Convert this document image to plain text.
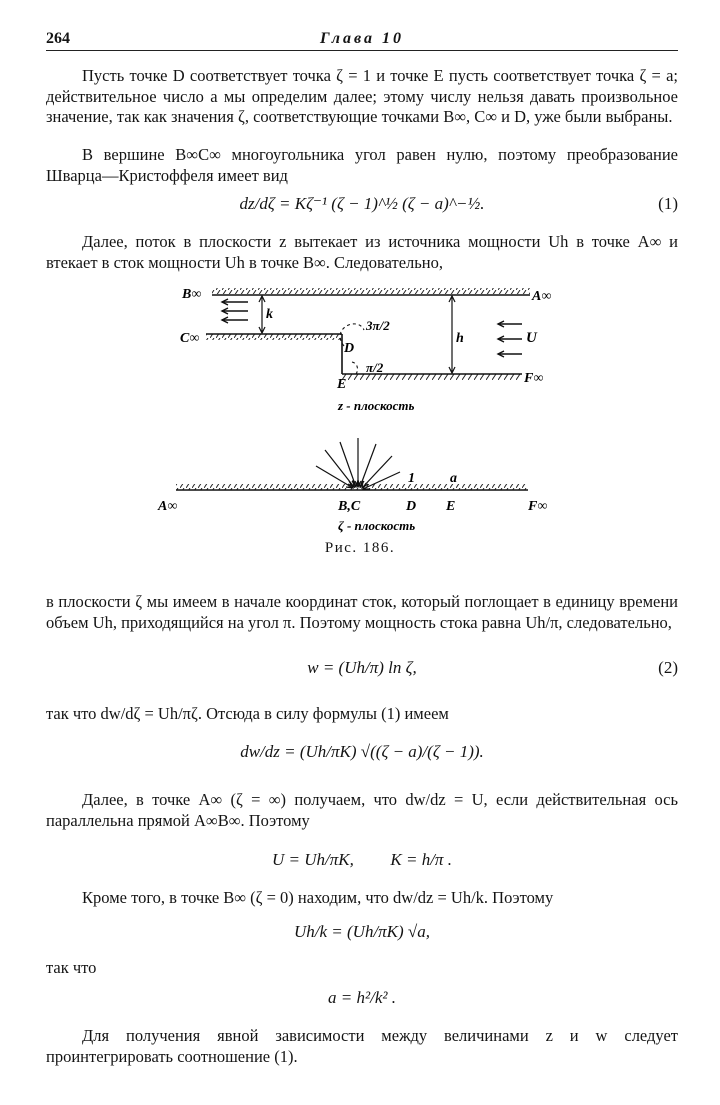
264	Глава 10

Пусть точке D соответствует точка ζ = 1 и точке E пусть соответствует точка ζ = a; действительное число a мы определим далее; этому числу нельзя давать произвольное значение, так как значения ζ, соответствующие точками B∞, C∞ и D, уже были выбраны.

В вершине B∞C∞ многоугольника угол равен нулю, поэтому преобразование Шварца—Кристоффеля имеет вид

dz/dζ = Kζ⁻¹ (ζ − 1)^½ (ζ − a)^−½.	(1)

Далее, поток в плоскости z вытекает из источника мощности Uh в точке A∞ и втекает в сток мощности Uh в точке B∞. Следовательно,

B∞	A∞
C∞
F∞
k
h	U
3π/2
π/2
D
E
z - плоскость
A∞	F∞
B,C	D E
1	a
ζ - плоскость
Рис. 186.

в плоскости ζ мы имеем в начале координат сток, который поглощает в единицу времени объем Uh, приходящийся на угол π. Поэтому мощность стока равна Uh/π, следовательно,

w = (Uh/π) ln ζ,	(2)

так что dw/dζ = Uh/πζ. Отсюда в силу формулы (1) имеем

dw/dz = (Uh/πK) √((ζ − a)/(ζ − 1)).

Далее, в точке A∞ (ζ = ∞) получаем, что dw/dz = U, если действительная ось параллельна прямой A∞B∞. Поэтому

U = Uh/πK, K = h/π .

Кроме того, в точке B∞ (ζ = 0) находим, что dw/dz = Uh/k. Поэтому

Uh/k = (Uh/πK) √a,

так что

a = h²/k² .

Для получения явной зависимости между величинами z и w следует проинтегрировать соотношение (1).
